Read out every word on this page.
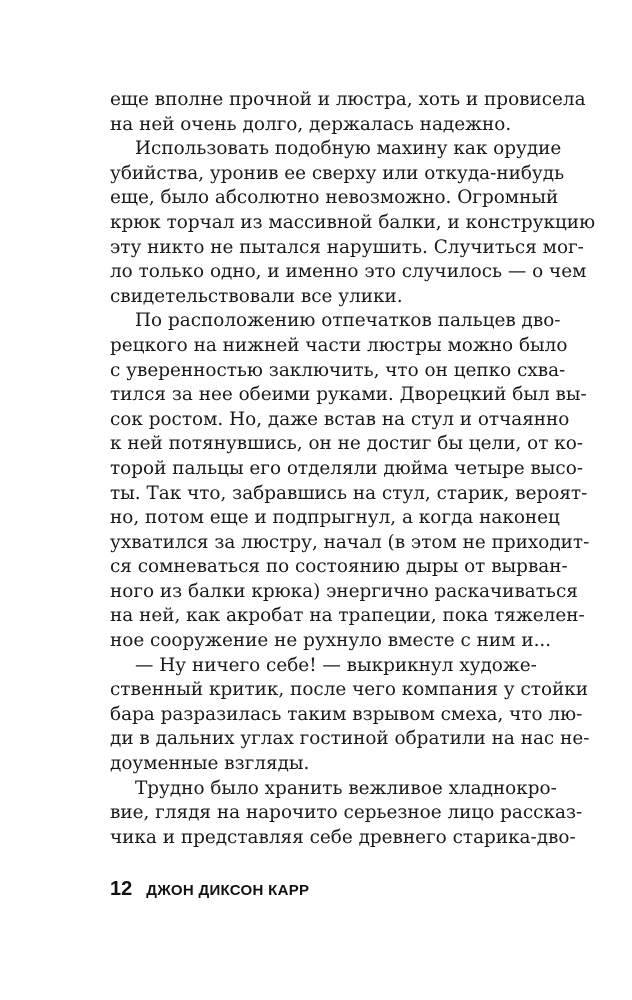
еще вполне прочной и люстра, хоть и провисела
на ней очень долго, держалась надежно.
Использовать подобную махину как орудие
убийства, уронив ее сверху или откуда-нибудь
еще, было абсолютно невозможно. Огромный
крюк торчал из массивной балки, и конструкцию
эту никто не пытался нарушить. Случиться мог-
ло только одно, и именно это случилось — о чем
свидетельствовали все улики.
По расположению отпечатков пальцев дво-
рецкого на нижней части люстры можно было
с уверенностью заключить, что он цепко схва-
тился за нее обеими руками. Дворецкий был вы-
сок ростом. Но, даже встав на стул и отчаянно
к ней потянувшись, он не достиг бы цели, от ко-
торой пальцы его отделяли дюйма четыре высо-
ты. Так что, забравшись на стул, старик, вероят-
но, потом еще и подпрыгнул, а когда наконец
ухватился за люстру, начал (в этом не приходит-
ся сомневаться по состоянию дыры от вырван-
ного из балки крюка) энергично раскачиваться
на ней, как акробат на трапеции, пока тяжелен-
ное сооружение не рухнуло вместе с ним и...
— Ну ничего себе! — выкрикнул художе-
ственный критик, после чего компания у стойки
бара разразилась таким взрывом смеха, что лю-
ди в дальних углах гостиной обратили на нас не-
доуменные взгляды.
Трудно было хранить вежливое хладнокро-
вие, глядя на нарочито серьезное лицо рассказ-
чика и представляя себе древнего старика-дво-
12 ДЖОН ДИКСОН КАРР
